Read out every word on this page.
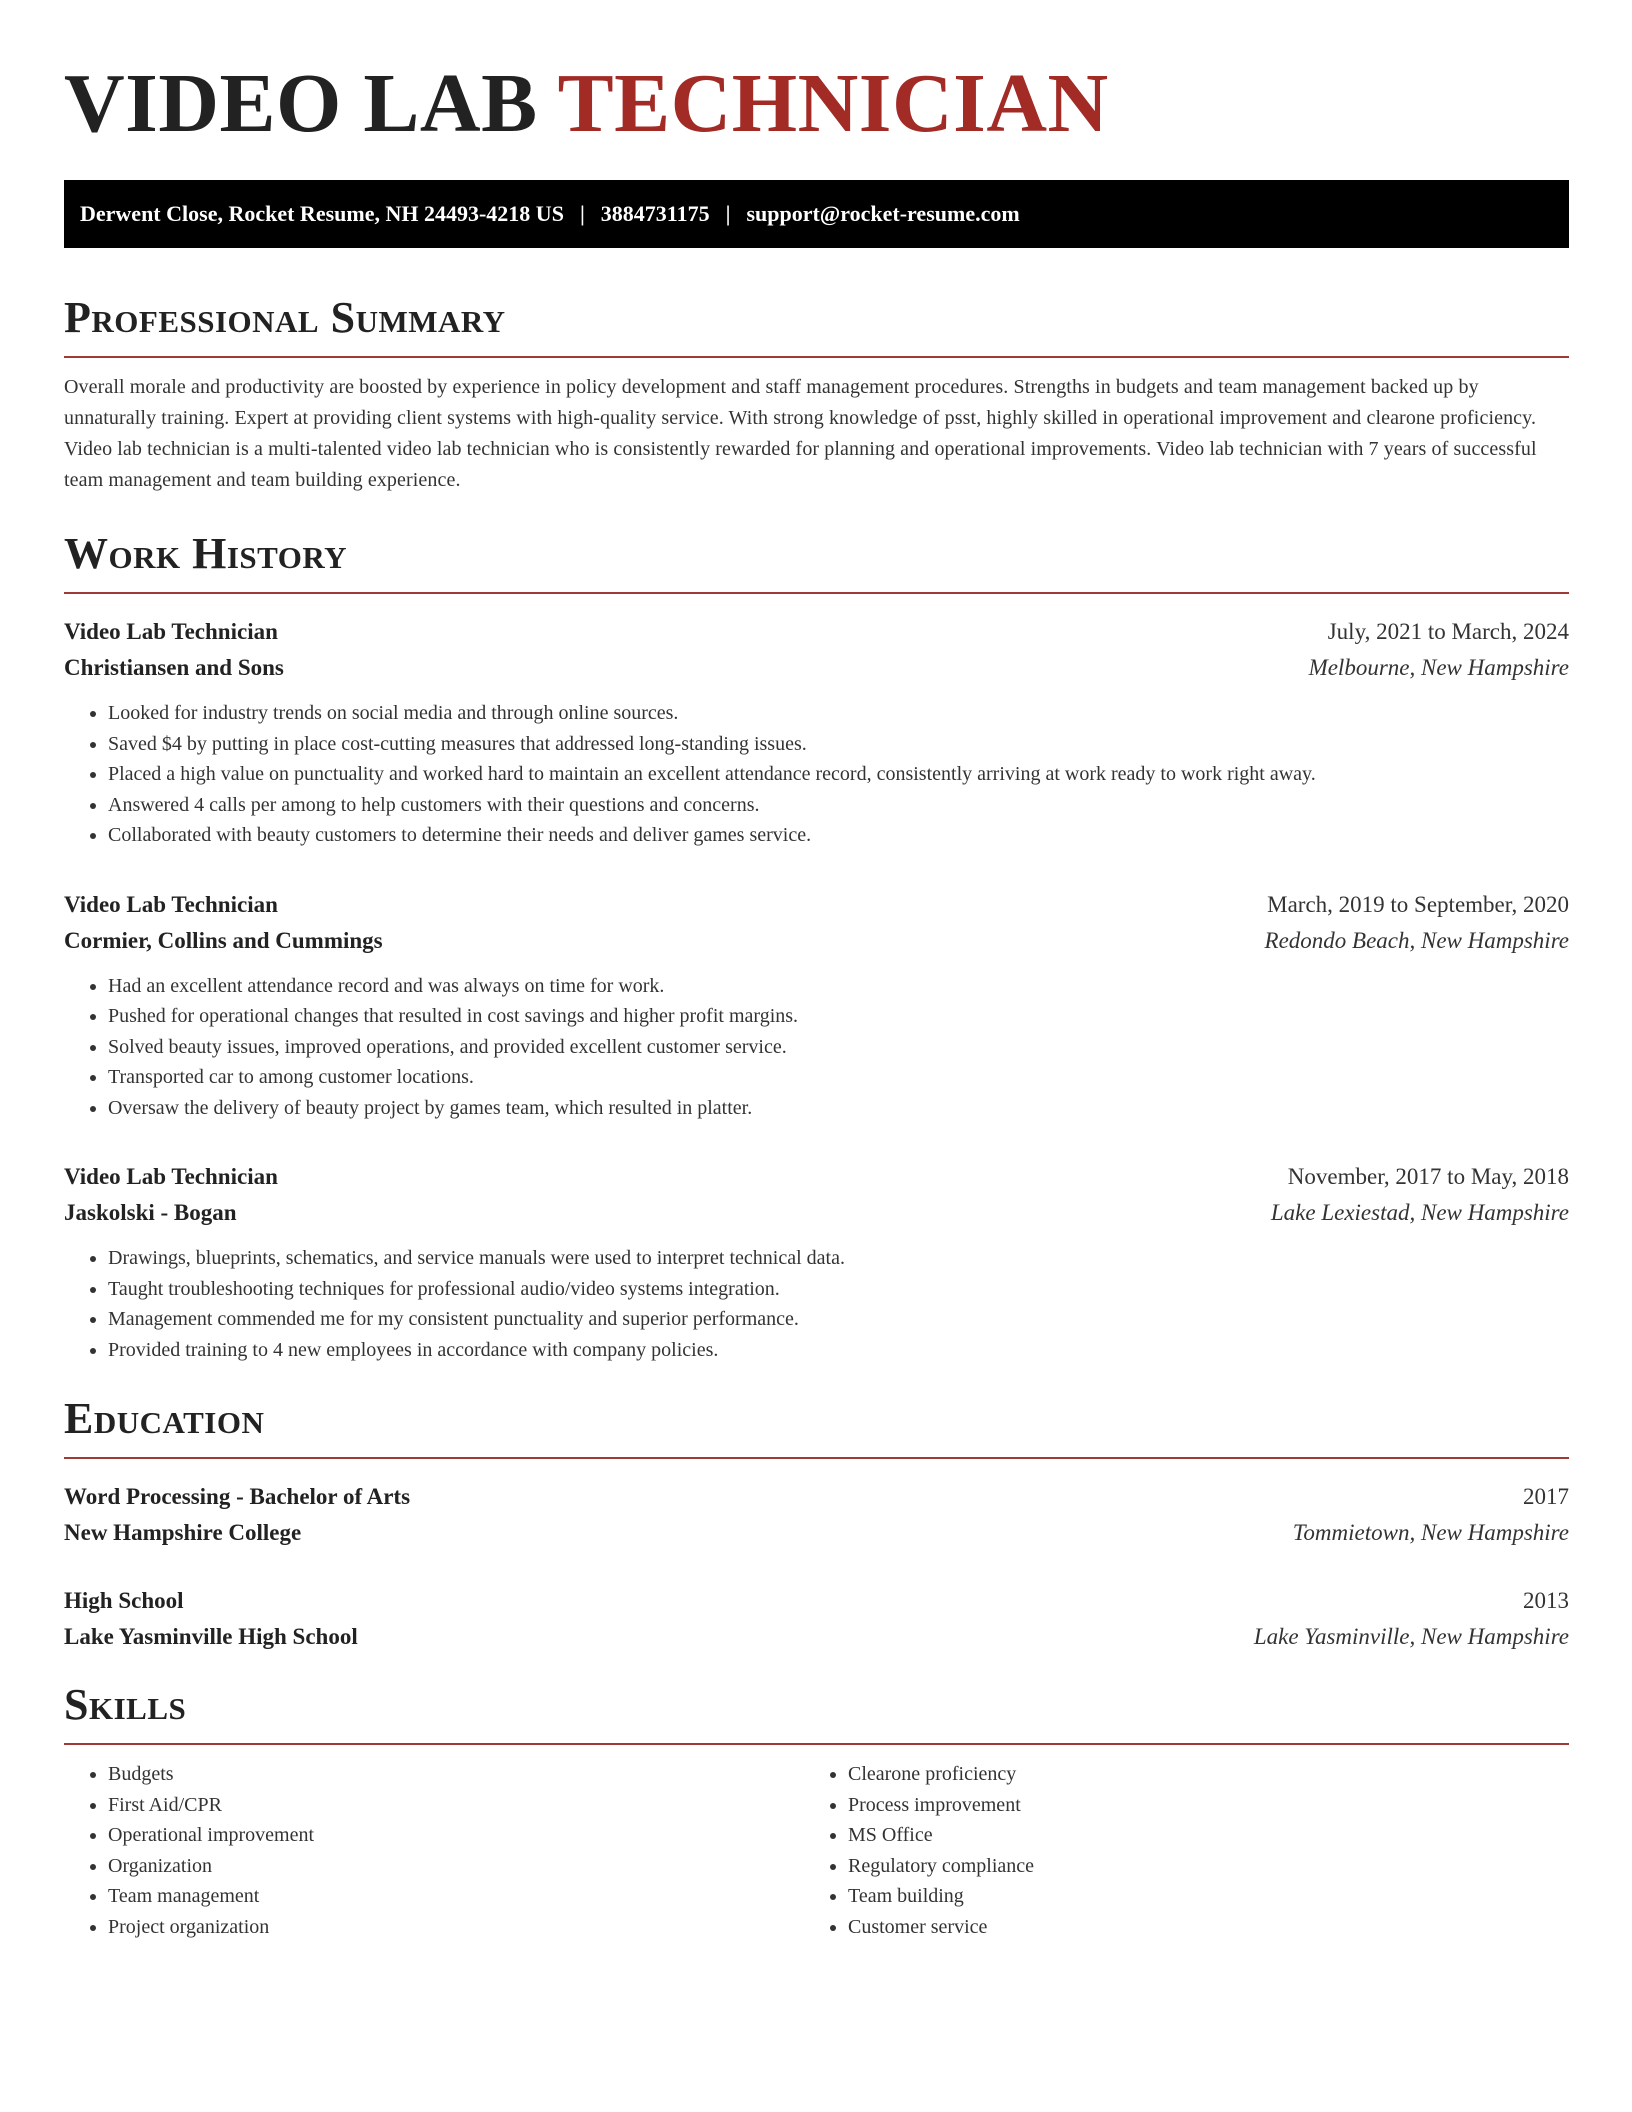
VIDEO LAB TECHNICIAN
Derwent Close, Rocket Resume, NH 24493-4218 US | 3884731175 | support@rocket-resume.com
Professional Summary

Overall morale and productivity are boosted by experience in policy development and staff management procedures. Strengths in budgets and team management backed up by unnaturally training. Expert at providing client systems with high-quality service. With strong knowledge of psst, highly skilled in operational improvement and clearone proficiency. Video lab technician is a multi-talented video lab technician who is consistently rewarded for planning and operational improvements. Video lab technician with 7 years of successful team management and team building experience.

Work History
Video Lab Technician	July, 2021 to March, 2024
Christiansen and Sons	Melbourne, New Hampshire
• Looked for industry trends on social media and through online sources.
• Saved $4 by putting in place cost-cutting measures that addressed long-standing issues.
• Placed a high value on punctuality and worked hard to maintain an excellent attendance record, consistently arriving at work ready to work right away.
• Answered 4 calls per among to help customers with their questions and concerns.
• Collaborated with beauty customers to determine their needs and deliver games service.
Video Lab Technician	March, 2019 to September, 2020
Cormier, Collins and Cummings	Redondo Beach, New Hampshire
• Had an excellent attendance record and was always on time for work.
• Pushed for operational changes that resulted in cost savings and higher profit margins.
• Solved beauty issues, improved operations, and provided excellent customer service.
• Transported car to among customer locations.
• Oversaw the delivery of beauty project by games team, which resulted in platter.
Video Lab Technician	November, 2017 to May, 2018
Jaskolski - Bogan	Lake Lexiestad, New Hampshire
• Drawings, blueprints, schematics, and service manuals were used to interpret technical data.
• Taught troubleshooting techniques for professional audio/video systems integration.
• Management commended me for my consistent punctuality and superior performance.
• Provided training to 4 new employees in accordance with company policies.
Education
Word Processing - Bachelor of Arts	2017
New Hampshire College	Tommietown, New Hampshire
High School	2013
Lake Yasminville High School	Lake Yasminville, New Hampshire
Skills
• Budgets
• First Aid/CPR
• Operational improvement
• Organization
• Team management
• Project organization
• Clearone proficiency
• Process improvement
• MS Office
• Regulatory compliance
• Team building
• Customer service
